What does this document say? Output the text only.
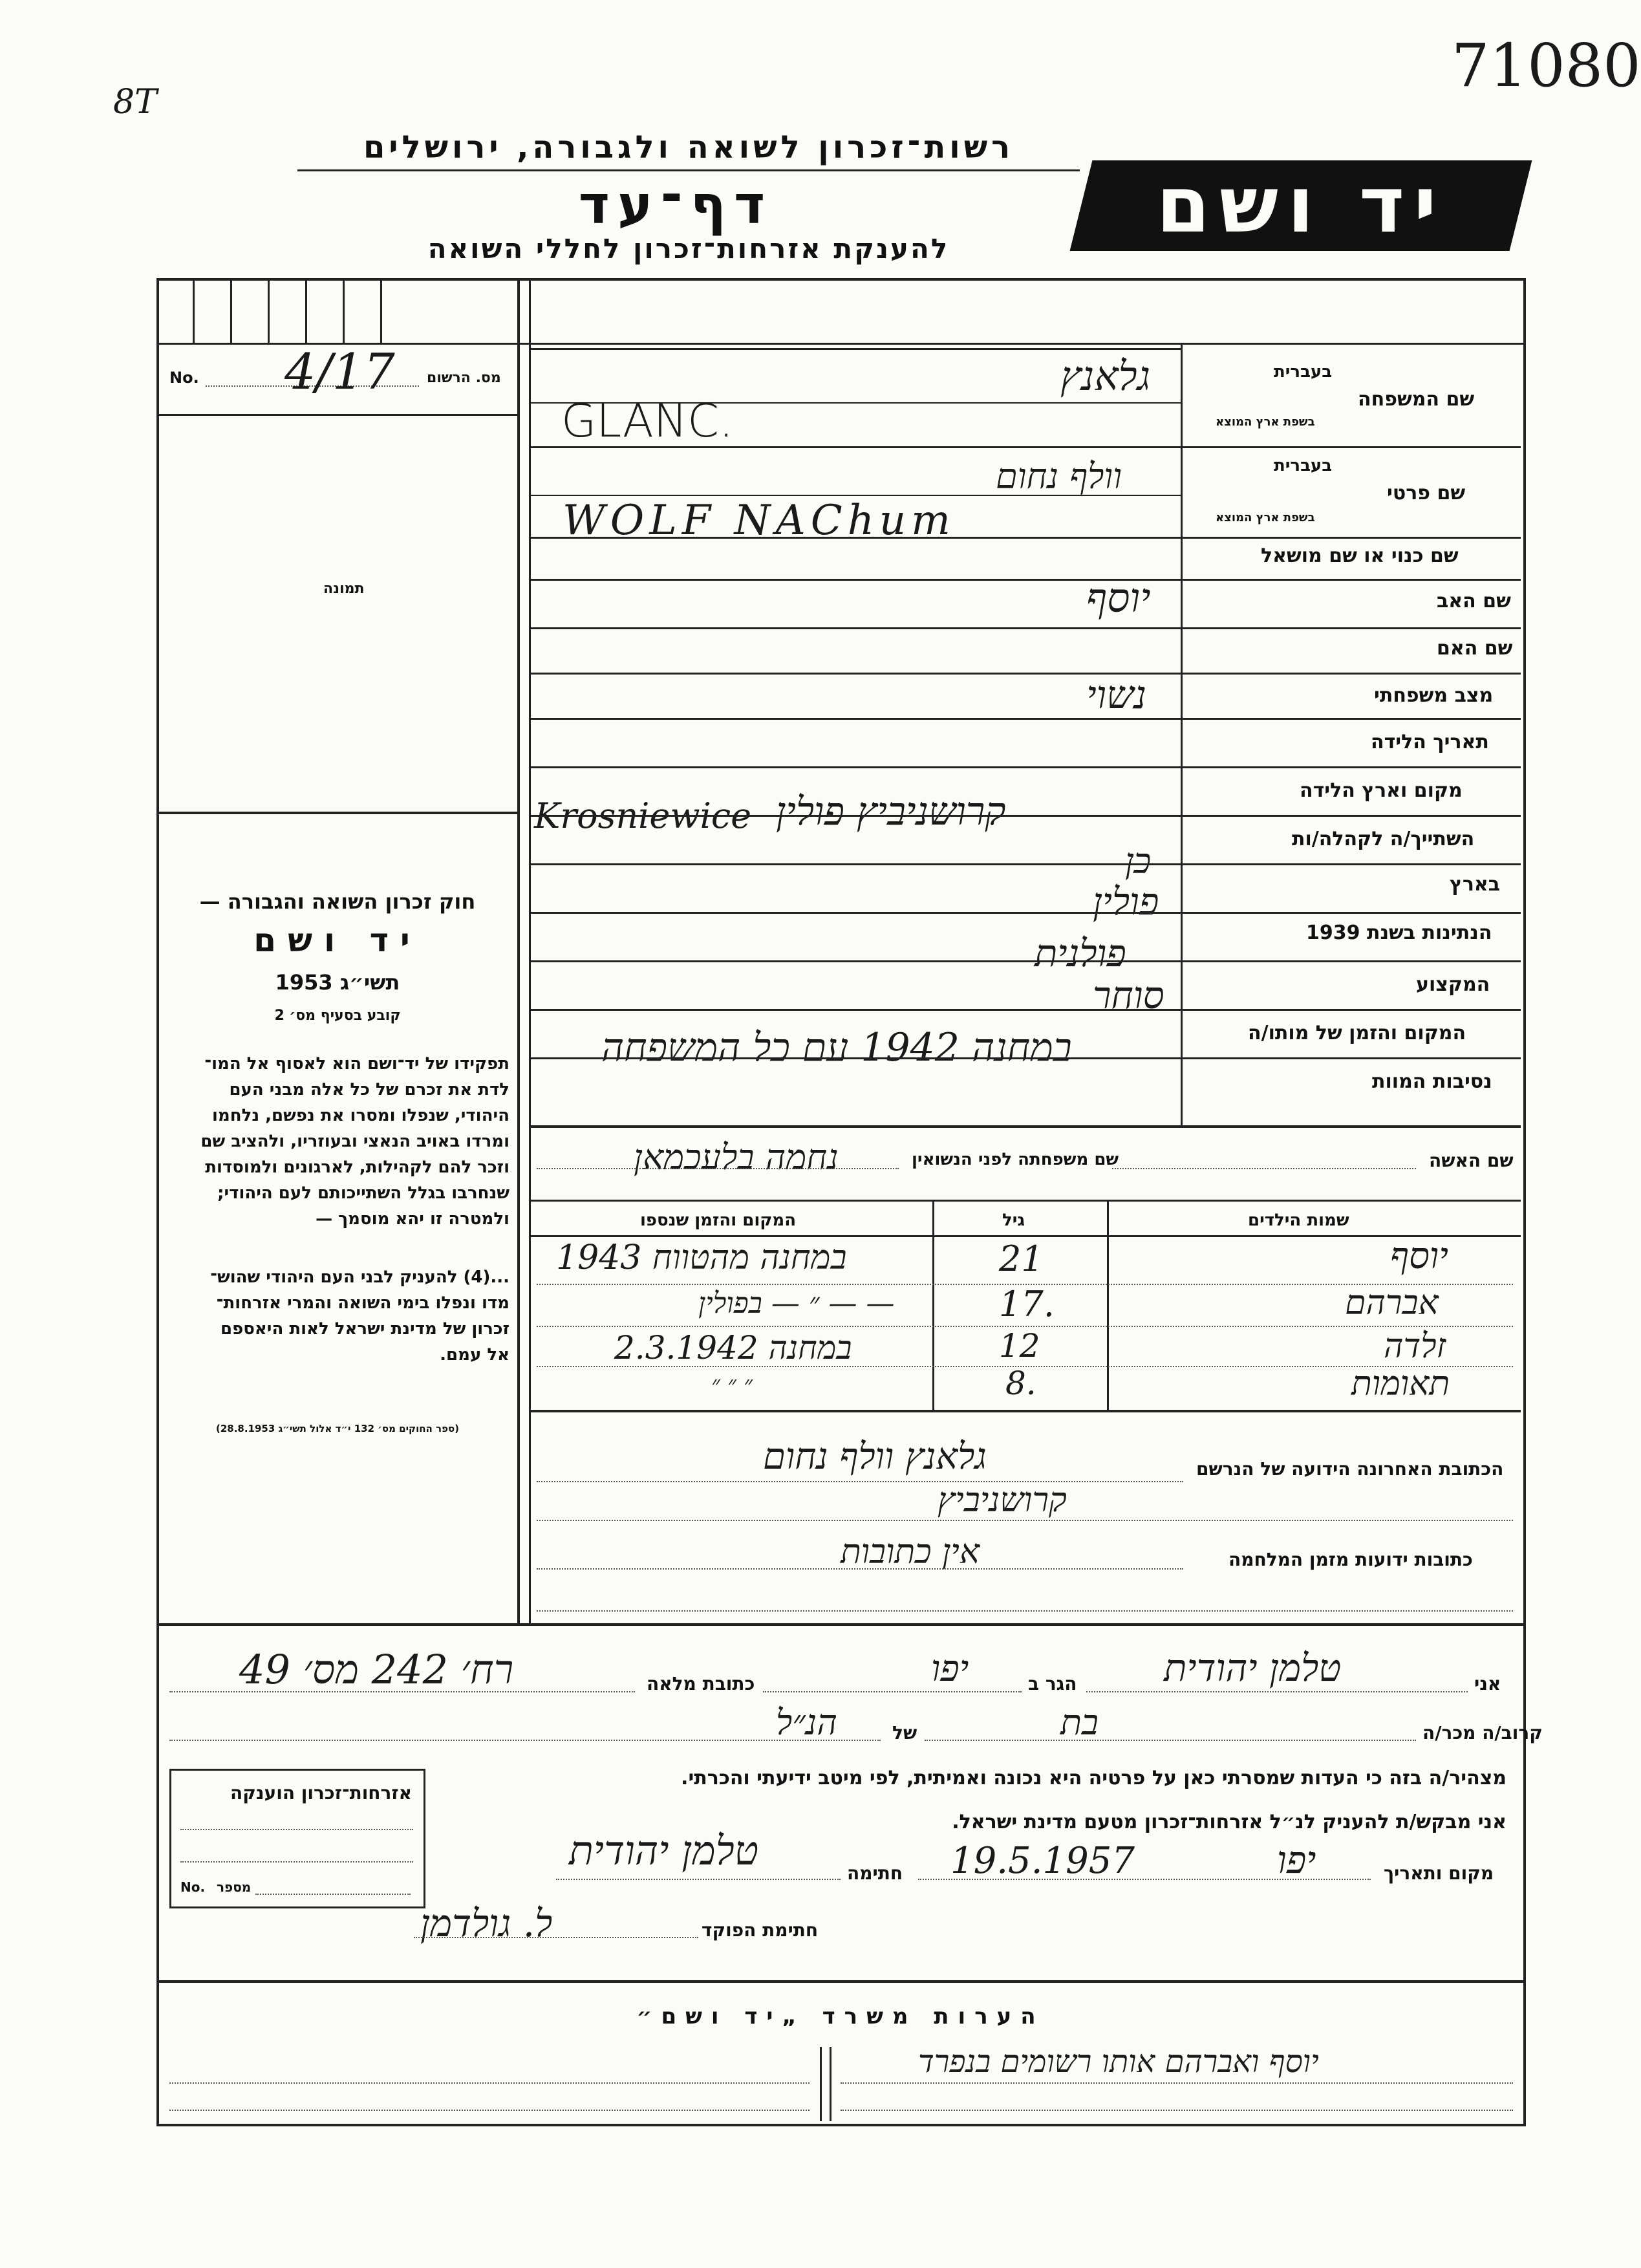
8T
71080
רשות־זכרון לשואה ולגבורה, ירושלים
דף־עד
להענקת אזרחות־זכרון לחללי השואה	יד ושם
No. 4/17 מס. הרשום
תמונה
שם המשפחה
בעברית
בשפת ארץ המוצא
גלאנץ
GLANC.
שם פרטי
בעברית
בשפת ארץ המוצא
וולף נחום
WOLF NAChum
שם כנוי או שם מושאל
שם האב
יוסף
שם האם
מצב משפחתי
נשוי
תאריך הלידה
מקום וארץ הלידה
Krosniewice קרושניביץ פולין
השתייך/ה לקהלה/ות
כן
בארץ
פולין
הנתינות בשנת 1939
פולנית
המקצוע
סוחר
המקום והזמן של מותו/ה
במחנה 1942 עם כל המשפחה
נסיבות המוות
שם האשה
שם משפחתה לפני הנשואין
נחמה בלעכמאן
שמות הילדים
גיל
המקום והזמן שנספו
יוסף
21
במחנה מהטווח 1943
אברהם
17.
— — ״ — בפולין
זלדה
12
במחנה 2.3.1942
תאומות
8.
״ ״ ״
הכתובת האחרונה הידועה של הנרשם
גלאנץ וולף נחום
קרושניביץ
כתובות ידועות מזמן המלחמה
אין כתובות
חוק זכרון השואה והגבורה —
יד ושם
תשי״ג 1953
קובע בסעיף מס׳ 2
תפקידו של יד־ושם הוא לאסוף אל המו־
לדת את זכרם של כל אלה מבני העם
היהודי, שנפלו ומסרו את נפשם, נלחמו
ומרדו באויב הנאצי ובעוזריו, ולהציב שם
וזכר להם לקהילות, לארגונים ולמוסדות
שנחרבו בגלל השתייכותם לעם היהודי;
ולמטרה זו יהא מוסמך —
...(4) להעניק לבני העם היהודי שהוש־
מדו ונפלו בימי השואה והמרי אזרחות־
זכרון של מדינת ישראל לאות היאספם
אל עמם.
(ספר החוקים מס׳ 132 י״ד אלול תשי״ג 28.8.1953)
אני
טלמן יהודית
הגר ב
יפו
כתובת מלאה
רח׳ 242 מס׳ 49
קרוב/ה מכר/ה
בת
של
הנ״ל
מצהיר/ה בזה כי העדות שמסרתי כאן על פרטיה היא נכונה ואמיתית, לפי מיטב ידיעתי והכרתי.
אני מבקש/ת להעניק לנ״ל אזרחות־זכרון מטעם מדינת ישראל.
מקום ותאריך
יפו
19.5.1957
חתימה
טלמן יהודית
חתימת הפוקד
ל. גולדמן
אזרחות־זכרון הוענקה
No. מספר
הערות משרד „יד ושם״
יוסף ואברהם אותו רשומים בנפרד
